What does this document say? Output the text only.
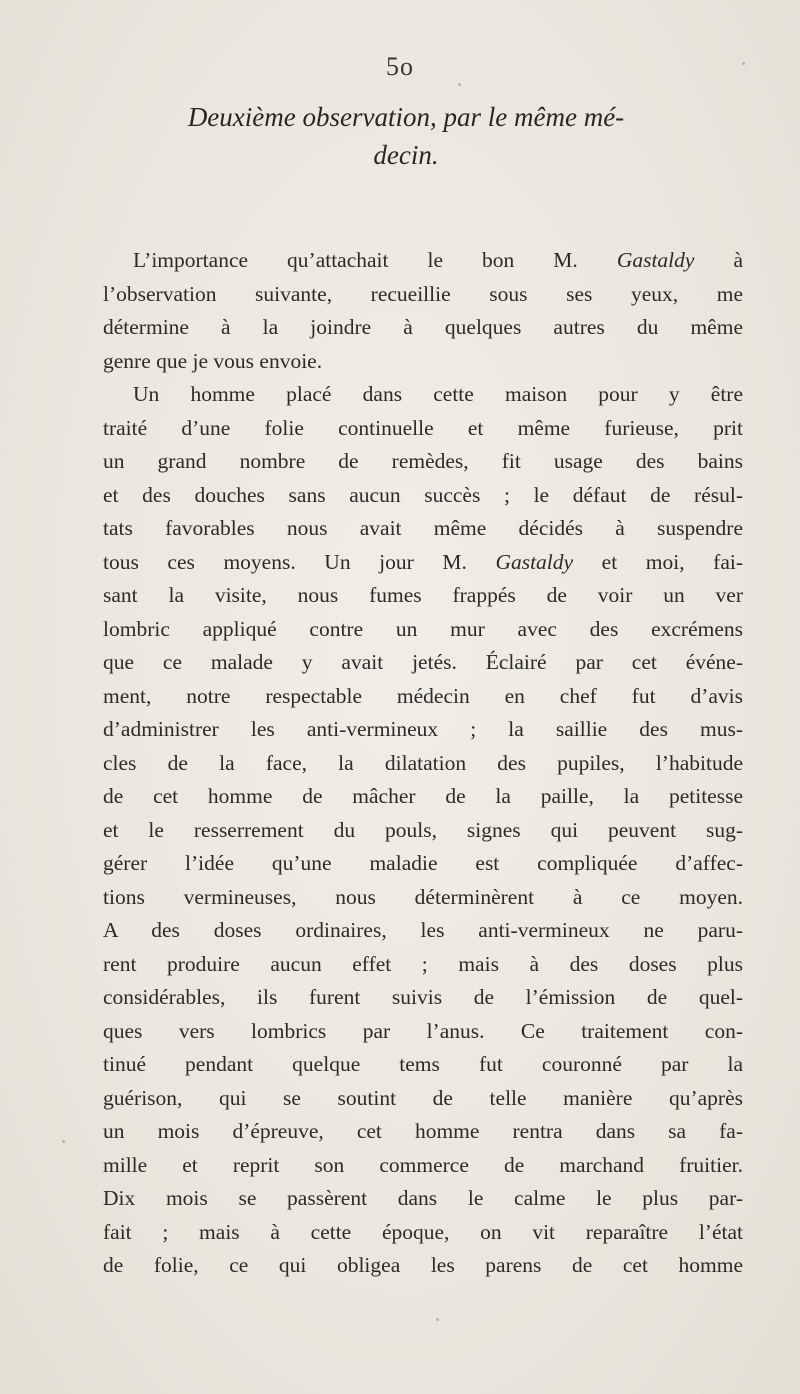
5o
Deuxième observation, par le même mé-
decin.
L’importance qu’attachait le bon M. Gastaldy à
l’observation suivante, recueillie sous ses yeux, me
détermine à la joindre à quelques autres du même
genre que je vous envoie.
Un homme placé dans cette maison pour y être
traité d’une folie continuelle et même furieuse, prit
un grand nombre de remèdes, fit usage des bains
et des douches sans aucun succès ; le défaut de résul-
tats favorables nous avait même décidés à suspendre
tous ces moyens. Un jour M. Gastaldy et moi, fai-
sant la visite, nous fumes frappés de voir un ver
lombric appliqué contre un mur avec des excrémens
que ce malade y avait jetés. Éclairé par cet événe-
ment, notre respectable médecin en chef fut d’avis
d’administrer les anti-vermineux ; la saillie des mus-
cles de la face, la dilatation des pupiles, l’habitude
de cet homme de mâcher de la paille, la petitesse
et le resserrement du pouls, signes qui peuvent sug-
gérer l’idée qu’une maladie est compliquée d’affec-
tions vermineuses, nous déterminèrent à ce moyen.
A des doses ordinaires, les anti-vermineux ne paru-
rent produire aucun effet ; mais à des doses plus
considérables, ils furent suivis de l’émission de quel-
ques vers lombrics par l’anus. Ce traitement con-
tinué pendant quelque tems fut couronné par la
guérison, qui se soutint de telle manière qu’après
un mois d’épreuve, cet homme rentra dans sa fa-
mille et reprit son commerce de marchand fruitier.
Dix mois se passèrent dans le calme le plus par-
fait ; mais à cette époque, on vit reparaître l’état
de folie, ce qui obligea les parens de cet homme
